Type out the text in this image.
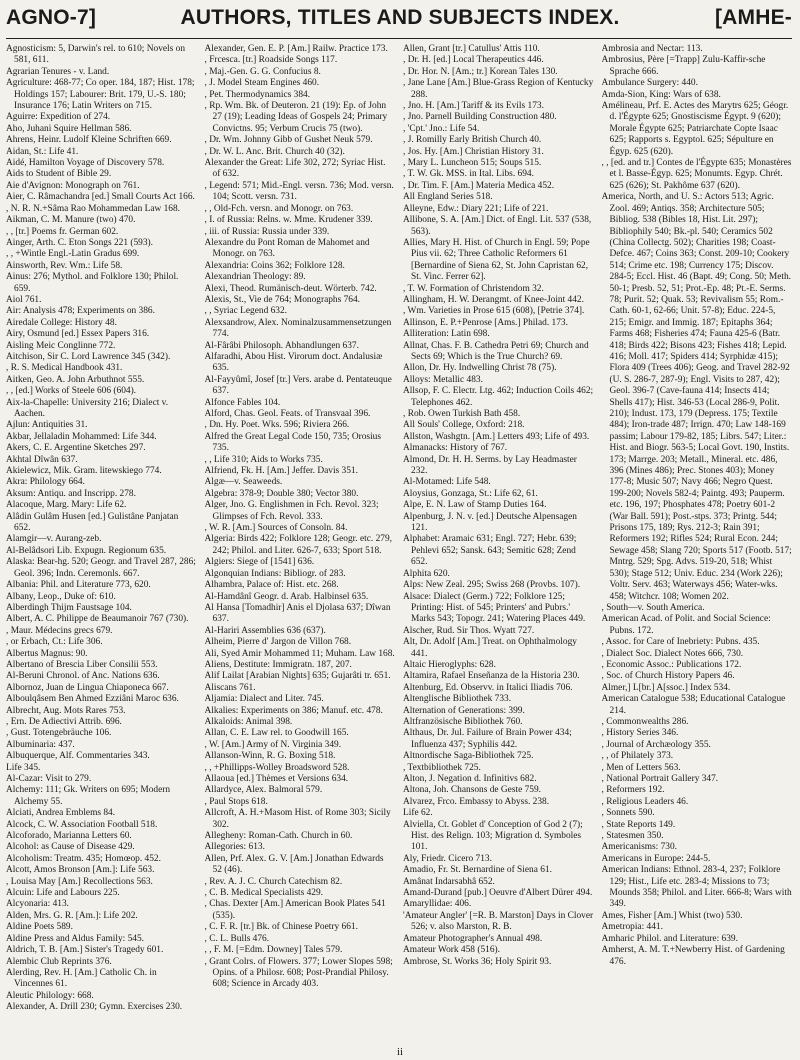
AGNO-7]	AUTHORS, TITLES AND SUBJECTS INDEX.	[AMHE-

Agnosticism: 5, Darwin's rel. to 610; Novels on 581, 611.

Agrarian Tenures - v. Land.

Agriculture: 468-77; Co oper. 184, 187; Hist. 178; Holdings 157; Labourer: Brit. 179, U.-S. 180; Insurance 176; Latin Writers on 715.

Aguirre: Expedition of 274.

Aho, Juhani Squire Hellman 586.

Ahrens, Heinr. Ludolf Kleine Schriften 669.

Aidan, St.: Life 41.

Aidé, Hamilton Voyage of Discovery 578.

Aids to Student of Bible 29.

Aie d'Avignon: Monograph on 761.

Aier, C. Râmachandra [ed.] Small Courts Act 166.

, N. R. N.+Sâma Rao Mohammedan Law 168.

Aikman, C. M. Manure (two) 470.

, , [tr.] Poems fr. German 602.

Ainger, Arth. C. Eton Songs 221 (593).

, , +Wintle Engl.-Latin Gradus 699.

Ainsworth, Rev. Wm.: Life 58.

Ainus: 276; Mythol. and Folklore 130; Philol. 659.

Aiol 761.

Air: Analysis 478; Experiments on 386.

Airedale College: History 48.

Airy, Osmund [ed.] Essex Papers 316.

Aisling Meic Conglinne 772.

Aitchison, Sir C. Lord Lawrence 345 (342).

, R. S. Medical Handbook 431.

Aitken, Geo. A. John Arbuthnot 555.

, , [ed.] Works of Steele 606 (604).

Aix-la-Chapelle: University 216; Dialect v. Aachen.

Ajlun: Antiquities 31.

Akbar, Jellaladin Mohammed: Life 344.

Akers, C. E. Argentine Sketches 297.

Akhtal Dîwân 637.

Akielewicz, Mik. Gram. litewskiego 774.

Akra: Philology 664.

Aksum: Antiqu. and Inscripp. 278.

Alacoque, Marg. Mary: Life 62.

Alâdin Gulâm Husen [ed.] Gulistâne Panjatan 652.

Alamgir—v. Aurang-zeb.

Al-Belâdsori Lib. Expugn. Regionum 635.

Alaska: Bear-hg. 520; Geogr. and Travel 287, 286; Geol. 396; Indn. Ceremonls. 667.

Albania: Phil. and Literature 773, 620.

Albany, Leop., Duke of: 610.

Alberdingh Thijm Faustsage 104.

Albert, A. C. Philippe de Beaumanoir 767 (730).

, Maur. Médecins grecs 679.

, or Erbach, Ct.: Life 306.

Albertus Magnus: 90.

Albertano of Brescia Liber Consilii 553.

Al-Beruni Chronol. of Anc. Nations 636.

Albornoz, Juan de Lingua Chiaponeca 667.

Alboulqâsem Ben Ahmed Ezziâni Maroc 636.

Albrecht, Aug. Mots Rares 753.

, Ern. De Adiectivi Attrib. 696.

, Gust. Totengebräuche 106.

Albuminaria: 437.

Albuquerque, Alf. Commentaries 343.

Life 345.

Al-Cazar: Visit to 279.

Alchemy: 111; Gk. Writers on 695; Modern Alchemy 55.

Alciati, Andrea Emblems 84.

Alcock, C. W. Association Football 518.

Alcoforado, Marianna Letters 60.

Alcohol: as Cause of Disease 429.

Alcoholism: Treatm. 435; Homœop. 452.

Alcott, Amos Bronson [Am.]: Life 563.

, Louisa May [Am.] Recollections 563.

Alcuin: Life and Labours 225.

Alcyonaria: 413.

Alden, Mrs. G. R. [Am.]: Life 202.

Aldine Poets 589.

Aldine Press and Aldus Family: 545.

Aldrich, T. B. [Am.] Sister's Tragedy 601.

Alembic Club Reprints 376.

Alerding, Rev. H. [Am.] Catholic Ch. in Vincennes 61.

Aleutic Philology: 668.

Alexander, A. Drill 230; Gymn. Exercises 230.

Alexander, Gen. E. P. [Am.] Railw. Practice 173.

, Frcesca. [tr.] Roadside Songs 117.

, Maj.-Gen. G. G. Confucius 8.

, J. Model Steam Engines 460.

, Pet. Thermodynamics 384.

, Rp. Wm. Bk. of Deuteron. 21 (19): Ep. of John 27 (19); Leading Ideas of Gospels 24; Primary Convictns. 95; Verbum Crucis 75 (two).

, Dr. Wm. Johnny Gibb of Gushet Neuk 579.

, Dr. W. L. Anc. Brit. Church 40 (32).

Alexander the Great: Life 302, 272; Syriac Hist. of 632.

, Legend: 571; Mid.-Engl. versn. 736; Mod. versn. 104; Scott. versn. 731.

, , Old-Fch. versn. and Monogr. on 763.

, I. of Russia: Relns. w. Mme. Krudener 339.

, iii. of Russia: Russia under 339.

Alexandre du Pont Roman de Mahomet and Monogr. on 763.

Alexandria: Coins 362; Folklore 128.

Alexandrian Theology: 89.

Alexi, Theod. Rumänisch-deut. Wörterb. 742.

Alexis, St., Vie de 764; Monographs 764.

, , Syriac Legend 632.

Alexsandrow, Alex. Nominalzusammensetzungen 774.

Al-Fârâbi Philosoph. Abhandlungen 637.

Alfaradhi, Abou Hist. Virorum doct. Andalusiæ 635.

Al-Fayyûmî, Josef [tr.] Vers. arabe d. Pentateuque 637.

Alfonce Fables 104.

Alford, Chas. Geol. Feats. of Transvaal 396.

, Dn. Hy. Poet. Wks. 596; Riviera 266.

Alfred the Great Legal Code 150, 735; Orosius 735.

, , Life 310; Aids to Works 735.

Alfriend, Fk. H. [Am.] Jeffer. Davis 351.

Algæ—v. Seaweeds.

Algebra: 378-9; Double 380; Vector 380.

Alger, Jno. G. Englishmen in Fch. Revol. 323; Glimpses of Fch. Revol. 333.

, W. R. [Am.] Sources of Consoln. 84.

Algeria: Birds 422; Folklore 128; Geogr. etc. 279, 242; Philol. and Liter. 626-7, 633; Sport 518.

Algiers: Siege of [1541] 636.

Algonquian Indians: Bibliogr. of 283.

Alhambra, Palace of: Hist. etc. 268.

Al-Hamdânî Geogr. d. Arab. Halbinsel 635.

Al Hansa [Tomadhir] Anis el Djolasa 637; Dîwan 637.

Al-Hariri Assemblies 636 (637).

Alheim, Pierre d' Jargon de Villon 768.

Ali, Syed Amir Mohammed 11; Muham. Law 168.

Aliens, Destitute: Immigratn. 187, 207.

Alif Lailat [Arabian Nights] 635; Gujarâti tr. 651.

Aliscans 761.

Aljamia: Dialect and Liter. 745.

Alkalies: Experiments on 386; Manuf. etc. 478.

Alkaloids: Animal 398.

Allan, C. E. Law rel. to Goodwill 165.

, W. [Am.] Army of N. Virginia 349.

Allanson-Winn, R. G. Boxing 518.

, , +Phillipps-Wolley Broadsword 528.

Allaoua [ed.] Thèmes et Versions 634.

Allardyce, Alex. Balmoral 579.

, Paul Stops 618.

Allcroft, A. H.+Masom Hist. of Rome 303; Sicily 302.

Allegheny: Roman-Cath. Church in 60.

Allegories: 613.

Allen, Prf. Alex. G. V. [Am.] Jonathan Edwards 52 (46).

, Rev. A. J. C. Church Catechism 82.

, C. B. Medical Specialists 429.

, Chas. Dexter [Am.] American Book Plates 541 (535).

, C. F. R. [tr.] Bk. of Chinese Poetry 661.

, C. L. Bulls 476.

, , F. M. [=Edm. Downey] Tales 579.

, Grant Colrs. of Flowers. 377; Lower Slopes 598; Opins. of a Philosr. 608; Post-Prandial Philosy. 608; Science in Arcady 403.

Allen, Grant [tr.] Catullus' Attis 110.

, Dr. H. [ed.] Local Therapeutics 446.

, Dr. Hor. N. [Am.; tr.] Korean Tales 130.

, Jane Lane [Am.] Blue-Grass Region of Kentucky 288.

, Jno. H. [Am.] Tariff & its Evils 173.

, Jno. Parnell Building Construction 480.

, 'Cpt.' Jno.: Life 54.

, J. Romilly Early British Church 40.

, Jos. Hy. [Am.] Christian History 31.

, Mary L. Luncheon 515; Soups 515.

, T. W. Gk. MSS. in Ital. Libs. 694.

, Dr. Tim. F. [Am.] Materia Medica 452.

All England Series 518.

Alleyne, Edw.: Diary 221; Life of 221.

Allibone, S. A. [Am.] Dict. of Engl. Lit. 537 (538, 563).

Allies, Mary H. Hist. of Church in Engl. 59; Pope Pius vii. 62; Three Catholic Reformers 61 [Bernardine of Siena 62, St. John Capristan 62, St. Vinc. Ferrer 62].

, T. W. Formation of Christendom 32.

Allingham, H. W. Derangmt. of Knee-Joint 442.

, Wm. Varieties in Prose 615 (608), [Petrie 374].

Allinson, E. P.+Penrose [Ams.] Philad. 173.

Alliteration: Latin 698.

Allnat, Chas. F. B. Cathedra Petri 69; Church and Sects 69; Which is the True Church? 69.

Allon, Dr. Hy. Indwelling Christ 78 (75).

Alloys: Metallic 483.

Allsop, F. C. Electr. Ltg. 462; Induction Coils 462; Telephones 462.

, Rob. Owen Turkish Bath 458.

All Souls' College, Oxford: 218.

Allston, Washgtn. [Am.] Letters 493; Life of 493.

Almanacks: History of 767.

Almond, Dr. H. H. Serms. by Lay Headmaster 232.

Al-Motamed: Life 548.

Aloysius, Gonzaga, St.: Life 62, 61.

Alpe, E. N. Law of Stamp Duties 164.

Alpenburg, J. N. v. [ed.] Deutsche Alpensagen 121.

Alphabet: Aramaic 631; Engl. 727; Hebr. 639; Pehlevi 652; Sansk. 643; Semitic 628; Zend 652.

Alphita 620.

Alps: New Zeal. 295; Swiss 268 (Provbs. 107).

Alsace: Dialect (Germ.) 722; Folklore 125; Printing: Hist. of 545; Printers' and Pubrs.' Marks 543; Topogr. 241; Watering Places 449.

Alscher, Rud. Sir Thos. Wyatt 727.

Alt, Dr. Adolf [Am.] Treat. on Ophthalmology 441.

Altaic Hieroglyphs: 628.

Altamira, Rafael Enseñanza de la Historia 230.

Altenburg, Ed. Observv. in Italici Iliadis 706.

Altenglische Bibliothek 733.

Alternation of Generations: 399.

Altfranzösische Bibliothek 760.

Althaus, Dr. Jul. Failure of Brain Power 434; Influenza 437; Syphilis 442.

Altnordische Saga-Bibliothek 725.

, Textbibliothek 725.

Alton, J. Negation d. Infinitivs 682.

Altona, Joh. Chansons de Geste 759.

Alvarez, Frco. Embassy to Abyss. 238.

Life 62.

Alviella, Ct. Goblet d' Conception of God 2 (7); Hist. des Relign. 103; Migration d. Symboles 101.

Aly, Friedr. Cicero 713.

Amadio, Fr. St. Bernardine of Siena 61.

Amânat Indarsabhâ 652.

Amand-Durand [pub.] Oeuvre d'Albert Dürer 494.

Amaryllidae: 406.

'Amateur Angler' [=R. B. Marston] Days in Clover 526; v. also Marston, R. B.

Amateur Photographer's Annual 498.

Amateur Work 458 (516).

Ambrose, St. Works 36; Holy Spirit 93.

Ambrosia and Nectar: 113.

Ambrosius, Père [=Trapp] Zulu-Kaffir-sche Sprache 666.

Ambulance Surgery: 440.

Amda-Sion, King: Wars of 638.

Amélineau, Prf. E. Actes des Marytrs 625; Géogr. d. l'Égypte 625; Gnostiscisme Égypt. 9 (620); Morale Égypte 625; Patriarchate Copte Isaac 625; Rapports s. Egyptol. 625; Sépulture en Égyp. 625 (620).

, , [ed. and tr.] Contes de l'Égypte 635; Monastères et l. Basse-Égyp. 625; Monumts. Egyp. Chrét. 625 (626); St. Pakhôme 637 (620).

America, North, and U. S.: Actors 513; Agric. Zool. 469; Antiqs. 358; Architecture 505; Bibliog. 538 (Bibles 18, Hist. Lit. 297); Bibliophily 540; Bk.-pl. 540; Ceramics 502 (China Collectg. 502); Charities 198; Coast-Defce. 467; Coins 363; Const. 209-10; Cookery 514; Crime etc. 198; Currency 175; Discov. 284-5; Eccl. Hist. 46 (Bapt. 49; Cong. 50; Meth. 50-1; Presb. 52, 51; Prot.-Ep. 48; Pt.-E. Serms. 78; Purit. 52; Quak. 53; Revivalism 55; Rom.-Cath. 60-1, 62-66; Unit. 57-8); Educ. 224-5, 215; Emigr. and Immig. 187; Epitaphs 364; Farms 468; Fisheries 474; Fauna 425-6 (Batr. 418; Birds 422; Bisons 423; Fishes 418; Lepid. 416; Moll. 417; Spiders 414; Syrphidæ 415); Flora 409 (Trees 406); Geog. and Travel 282-92 (U. S. 286-7, 287-9); Engl. Visits to 287, 42); Geol. 396-7 (Cave-fauna 414; Insects 414; Shells 417); Hist. 346-53 (Local 286-9, Polit. 210); Indust. 173, 179 (Depress. 175; Textile 484); Iron-trade 487; Irrign. 470; Law 148-169 passim; Labour 179-82, 185; Librs. 547; Liter.: Hist. and Biogr. 563-5; Local Govt. 190, Instits. 173; Marrge. 203; Metall., Mineral. etc. 486, 396 (Mines 486); Prec. Stones 403); Money 177-8; Music 507; Navy 466; Negro Quest. 199-200; Novels 582-4; Paintg. 493; Pauperm. etc. 196, 197; Phosphates 478; Poetry 601-2 (War Ball. 591); Post.-stps. 373; Printg. 544; Prisons 175, 189; Rys. 212-3; Rain 391; Reformers 192; Rifles 524; Rural Econ. 244; Sewage 458; Slang 720; Sports 517 (Footb. 517; Mntrg. 529; Spg. Advs. 519-20, 518; Whist 530); Stage 512; Univ. Educ. 234 (Work 226); Voltr. Serv. 463; Waterways 456; Water-wks. 458; Witchcr. 108; Women 202.

, South—v. South America.

American Acad. of Polit. and Social Science: Pubns. 172.

, Assoc. for Care of Inebriety: Pubns. 435.

, Dialect Soc. Dialect Notes 666, 730.

, Economic Assoc.: Publications 172.

, Soc. of Church History Papers 46.

Almer,] L[br.] A[ssoc.] Index 534.

American Catalogue 538; Educational Catalogue 214.

, Commonwealths 286.

, History Series 346.

, Journal of Archæology 355.

, , of Philately 373.

, Men of Letters 563.

, National Portrait Gallery 347.

, Reformers 192.

, Religious Leaders 46.

, Sonnets 590.

, State Reports 149.

, Statesmen 350.

Americanisms: 730.

Americans in Europe: 244-5.

American Indians: Ethnol. 283-4, 237; Folklore 129; Hist., Life etc. 283-4; Missions to 73; Mounds 358; Philol. and Liter. 666-8; Wars with 349.

Ames, Fisher [Am.] Whist (two) 530.

Ametropia: 441.

Amharic Philol. and Literature: 639.

Amherst, A. M. T.+Newberry Hist. of Gardening 476.

ii
